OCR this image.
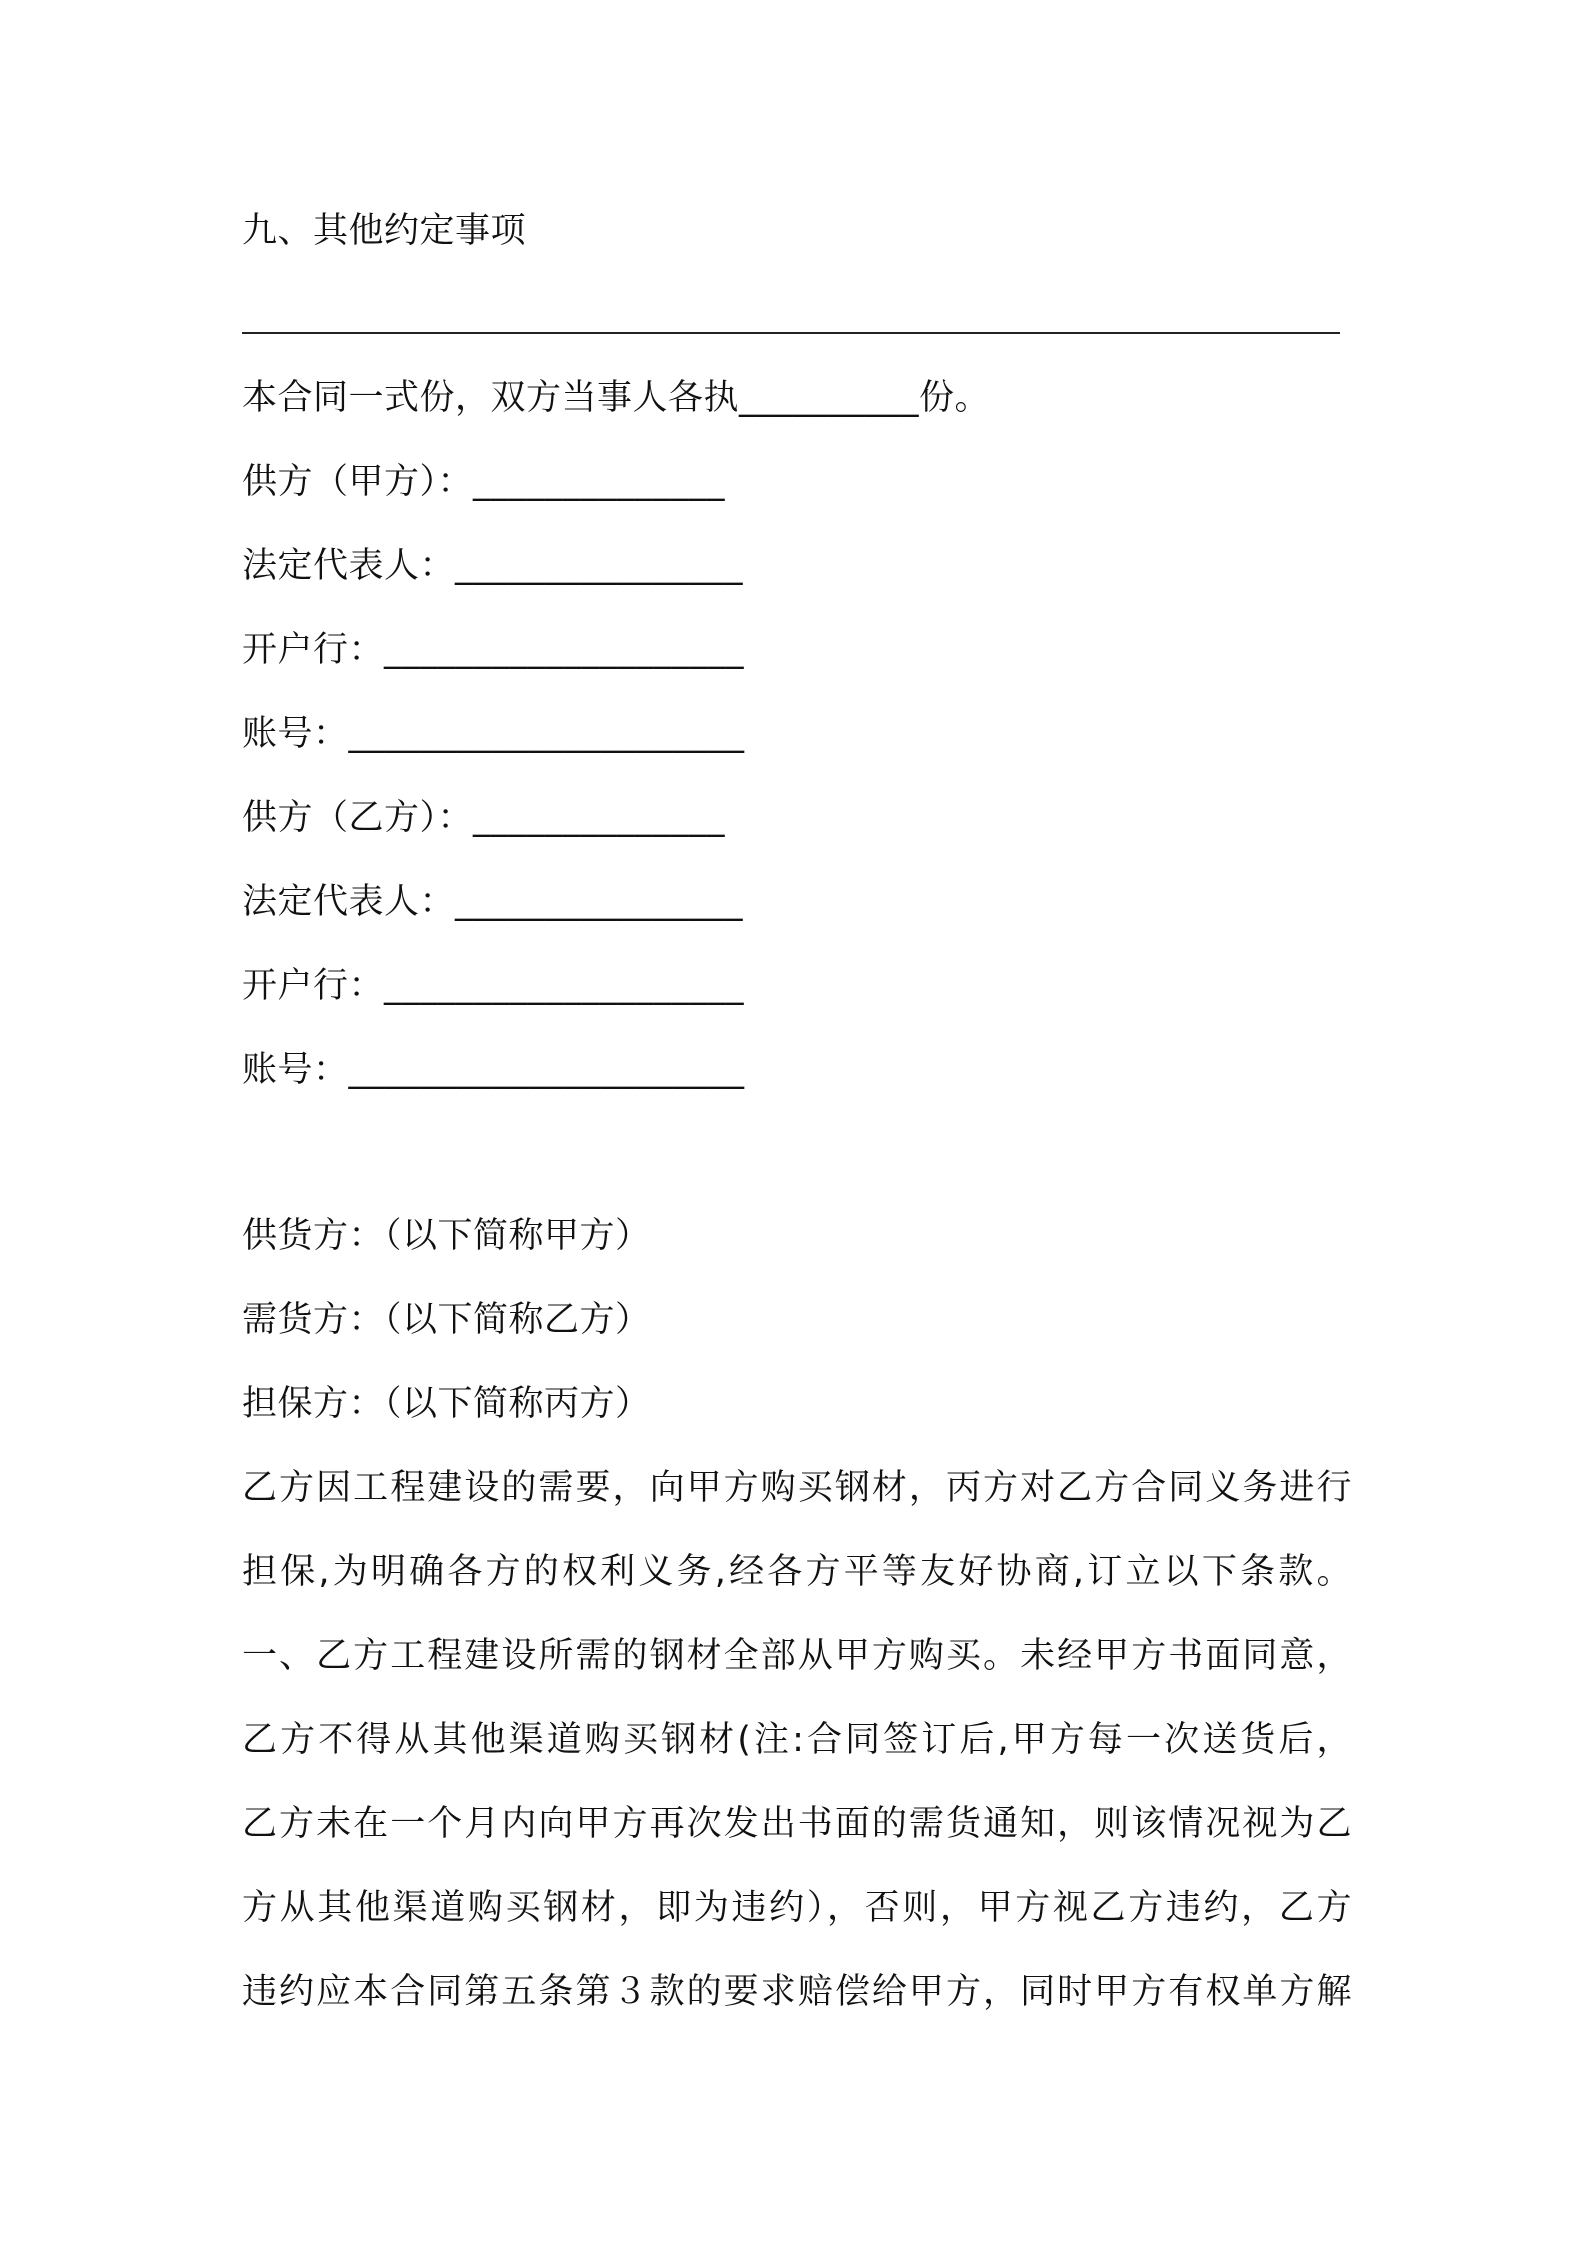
九、其他约定事项
本合同一式份，双方当事人各执__________份。
供方（甲方）：______________
法定代表人：________________
开户行：____________________
账号：______________________
供方（乙方）：______________
法定代表人：________________
开户行：____________________
账号：______________________
供货方：（以下简称甲方）
需货方：（以下简称乙方）
担保方：（以下简称丙方）
乙方因工程建设的需要，向甲方购买钢材，丙方对乙方合同义务进行
担保,为明确各方的权利义务,经各方平等友好协商,订立以下条款。
一、乙方工程建设所需的钢材全部从甲方购买。未经甲方书面同意，
乙方不得从其他渠道购买钢材(注:合同签订后,甲方每一次送货后，
乙方未在一个月内向甲方再次发出书面的需货通知，则该情况视为乙
方从其他渠道购买钢材，即为违约），否则，甲方视乙方违约，乙方
违约应本合同第五条第３款的要求赔偿给甲方，同时甲方有权单方解
